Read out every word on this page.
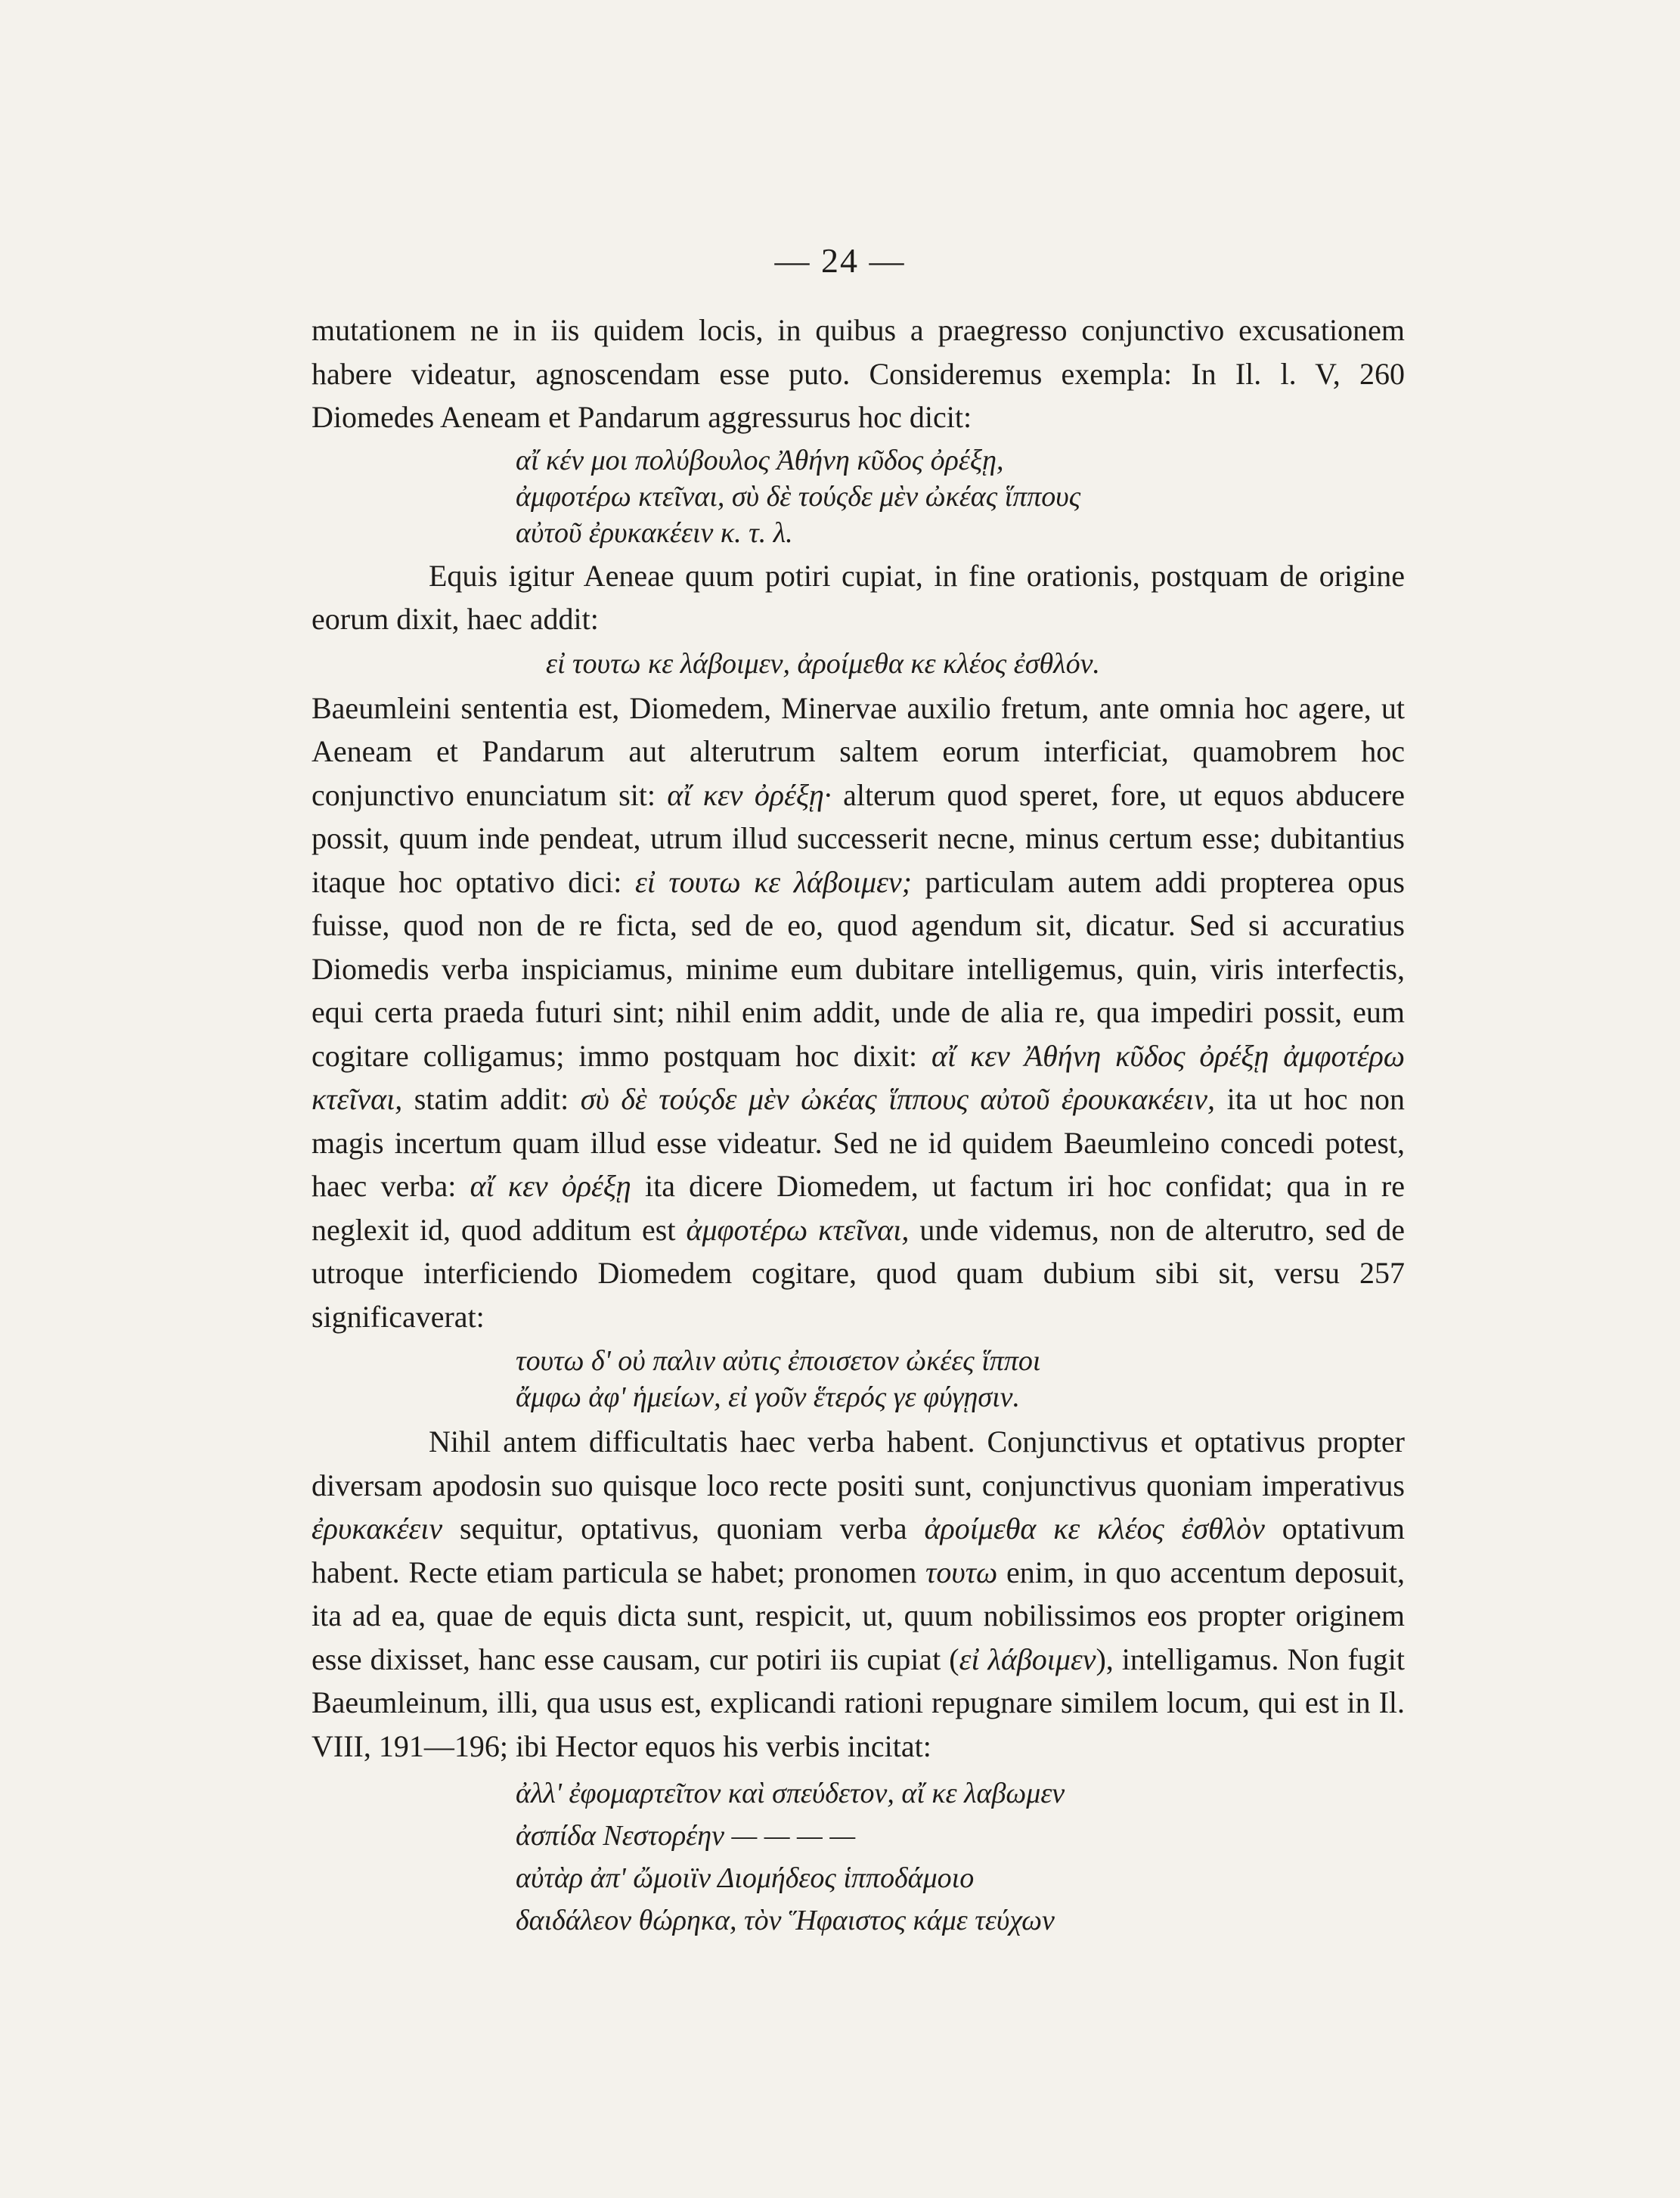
— 24 —

mutationem ne in iis quidem locis, in quibus a praegresso conjunctivo excusationem habere videatur, agnoscendam esse puto. Consideremus exempla: In Il. l. V, 260 Diomedes Aeneam et Pandarum aggressurus hoc dicit:

αἴ κέν μοι πολύβουλος Ἀθήνη κῦδος ὀρέξῃ,
ἀμφοτέρω κτεῖναι, σὺ δὲ τούςδε μὲν ὠκέας ἵππους
αὐτοῦ ἐρυκακέειν κ. τ. λ.

Equis igitur Aeneae quum potiri cupiat, in fine orationis, postquam de origine eorum dixit, haec addit:

εἰ τουτω κε λάβοιμεν, ἀροίμεθα κε κλέος ἐσθλόν.

Baeumleini sententia est, Diomedem, Minervae auxilio fretum, ante omnia hoc agere, ut Aeneam et Pandarum aut alterutrum saltem eorum interficiat, quamobrem hoc conjunctivo enunciatum sit: αἴ κεν ὀρέξῃ· alterum quod speret, fore, ut equos abducere possit, quum inde pendeat, utrum illud successerit necne, minus certum esse; dubitantius itaque hoc optativo dici: εἰ τουτω κε λάβοιμεν; particulam autem addi propterea opus fuisse, quod non de re ficta, sed de eo, quod agendum sit, dicatur. Sed si accuratius Diomedis verba inspiciamus, minime eum dubitare intelligemus, quin, viris interfectis, equi certa praeda futuri sint; nihil enim addit, unde de alia re, qua impediri possit, eum cogitare colligamus; immo postquam hoc dixit: αἴ κεν Ἀθήνη κῦδος ὀρέξῃ ἀμφοτέρω κτεῖναι, statim addit: σὺ δὲ τούςδε μὲν ὠκέας ἵππους αὐτοῦ ἐρουκακέειν, ita ut hoc non magis incertum quam illud esse videatur. Sed ne id quidem Baeumleino concedi potest, haec verba: αἴ κεν ὀρέξῃ ita dicere Diomedem, ut factum iri hoc confidat; qua in re neglexit id, quod additum est ἀμφοτέρω κτεῖναι, unde videmus, non de alterutro, sed de utroque interficiendo Diomedem cogitare, quod quam dubium sibi sit, versu 257 significaverat:

τουτω δ' οὐ παλιν αὐτις ἐποισετον ὠκέες ἵπποι
ἄμφω ἀφ' ἡμείων, εἰ γοῦν ἕτερός γε φύγῃσιν.

Nihil antem difficultatis haec verba habent. Conjunctivus et optativus propter diversam apodosin suo quisque loco recte positi sunt, conjunctivus quoniam imperativus ἐρυκακέειν sequitur, optativus, quoniam verba ἀροίμεθα κε κλέος ἐσθλὸν optativum habent. Recte etiam particula se habet; pronomen τουτω enim, in quo accentum deposuit, ita ad ea, quae de equis dicta sunt, respicit, ut, quum nobilissimos eos propter originem esse dixisset, hanc esse causam, cur potiri iis cupiat (εἰ λάβοιμεν), intelligamus. Non fugit Baeumleinum, illi, qua usus est, explicandi rationi repugnare similem locum, qui est in Il. VIII, 191—196; ibi Hector equos his verbis incitat:

ἀλλ' ἐφομαρτεῖτον καὶ σπεύδετον, αἴ κε λαβωμεν
ἀσπίδα Νεστορέην — — — —
αὐτὰρ ἀπ' ὤμοιϊν Διομήδεος ἱπποδάμοιο
δαιδάλεον θώρηκα, τὸν Ἥφαιστος κάμε τεύχων
